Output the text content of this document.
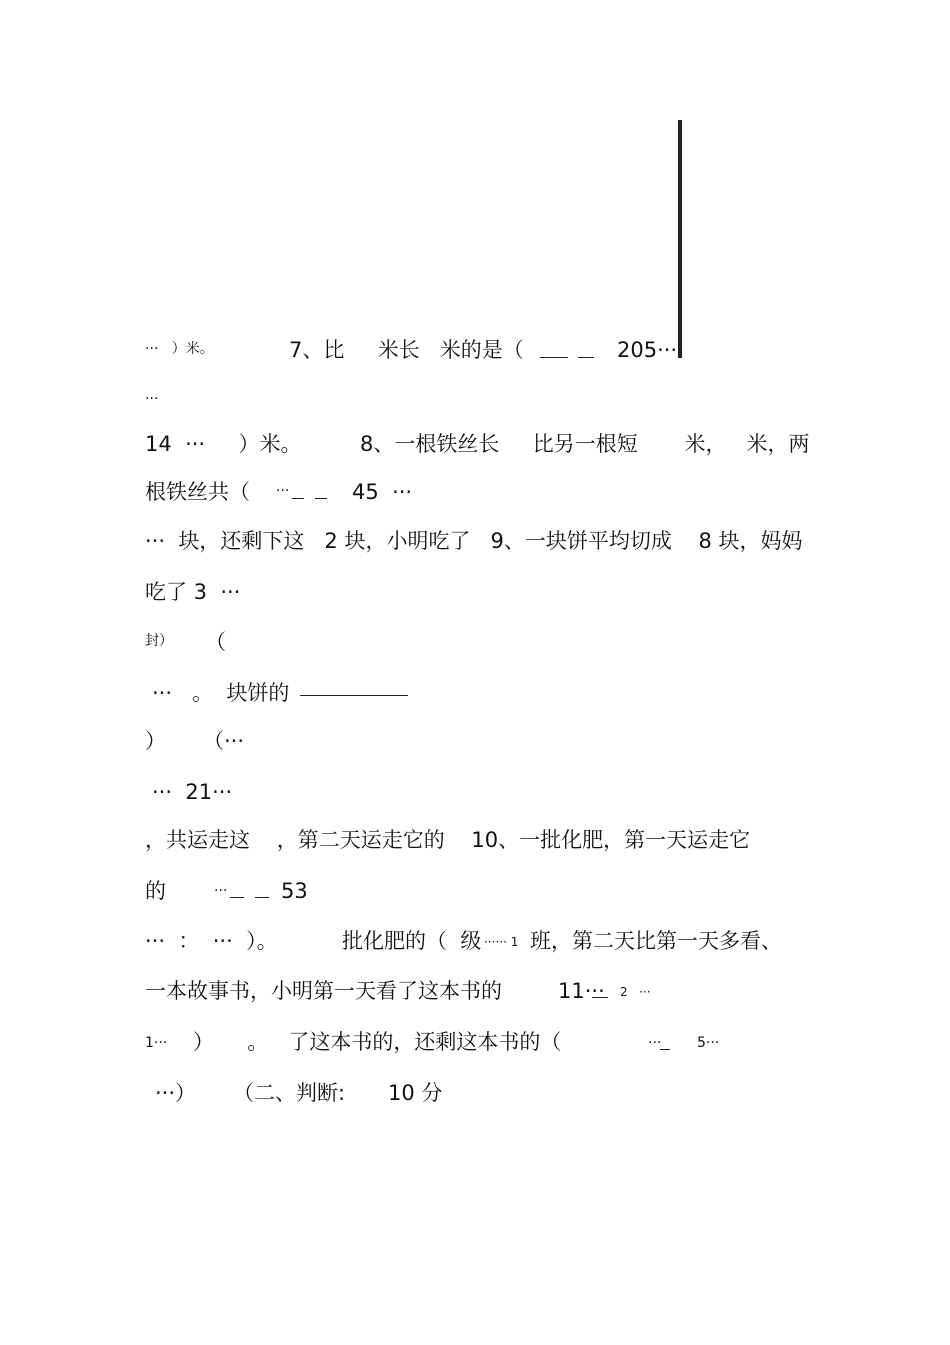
···   ）米。	7、比     米长   米的是（	205···
···
14  ···     ）米。	8、一根铁丝长     比另一根短       米，   米，两
根铁丝共（ ···	45  ···
···  块，还剩下这   2 块，小明吃了   9、一块饼平均切成    8 块，妈妈
吃了 3  ···
封） （
···   。  块饼的
） （···
···  21···
，共运走这    ，第二天运走它的    10、一批化肥，第一天运走它
的	···	53
···  ：  ···  ）。	批化肥的（  级 ······ 1 班，第二天比第一天多看、
一本故事书，小明第一天看了这本书的	11··· 2   ···
1··· ）     。   了这本书的，还剩这本书的（	···	5···
···） （二、判断: 10 分
